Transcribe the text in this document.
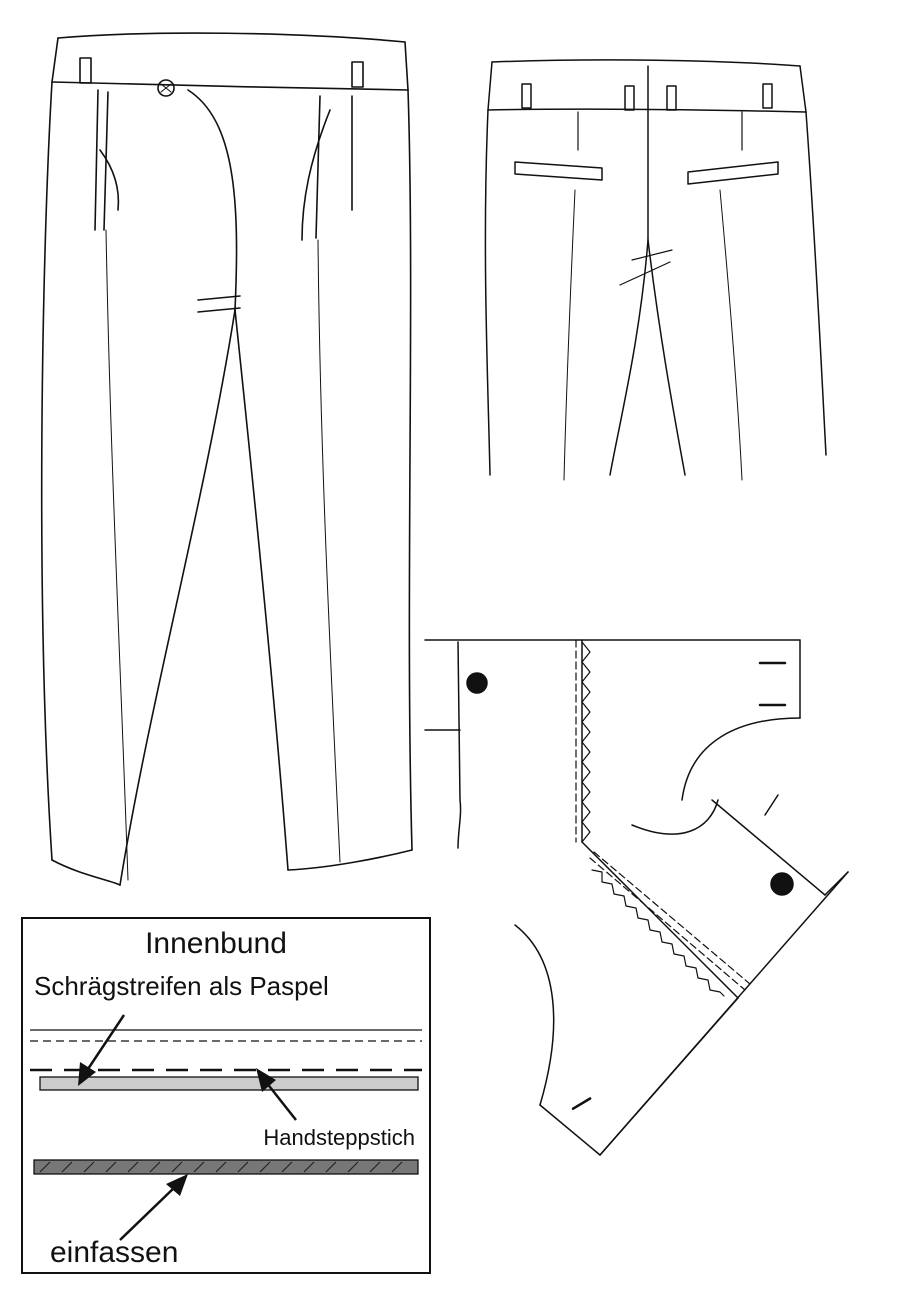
Innenbund
Schrägstreifen als Paspel
Handsteppstich
einfassen
